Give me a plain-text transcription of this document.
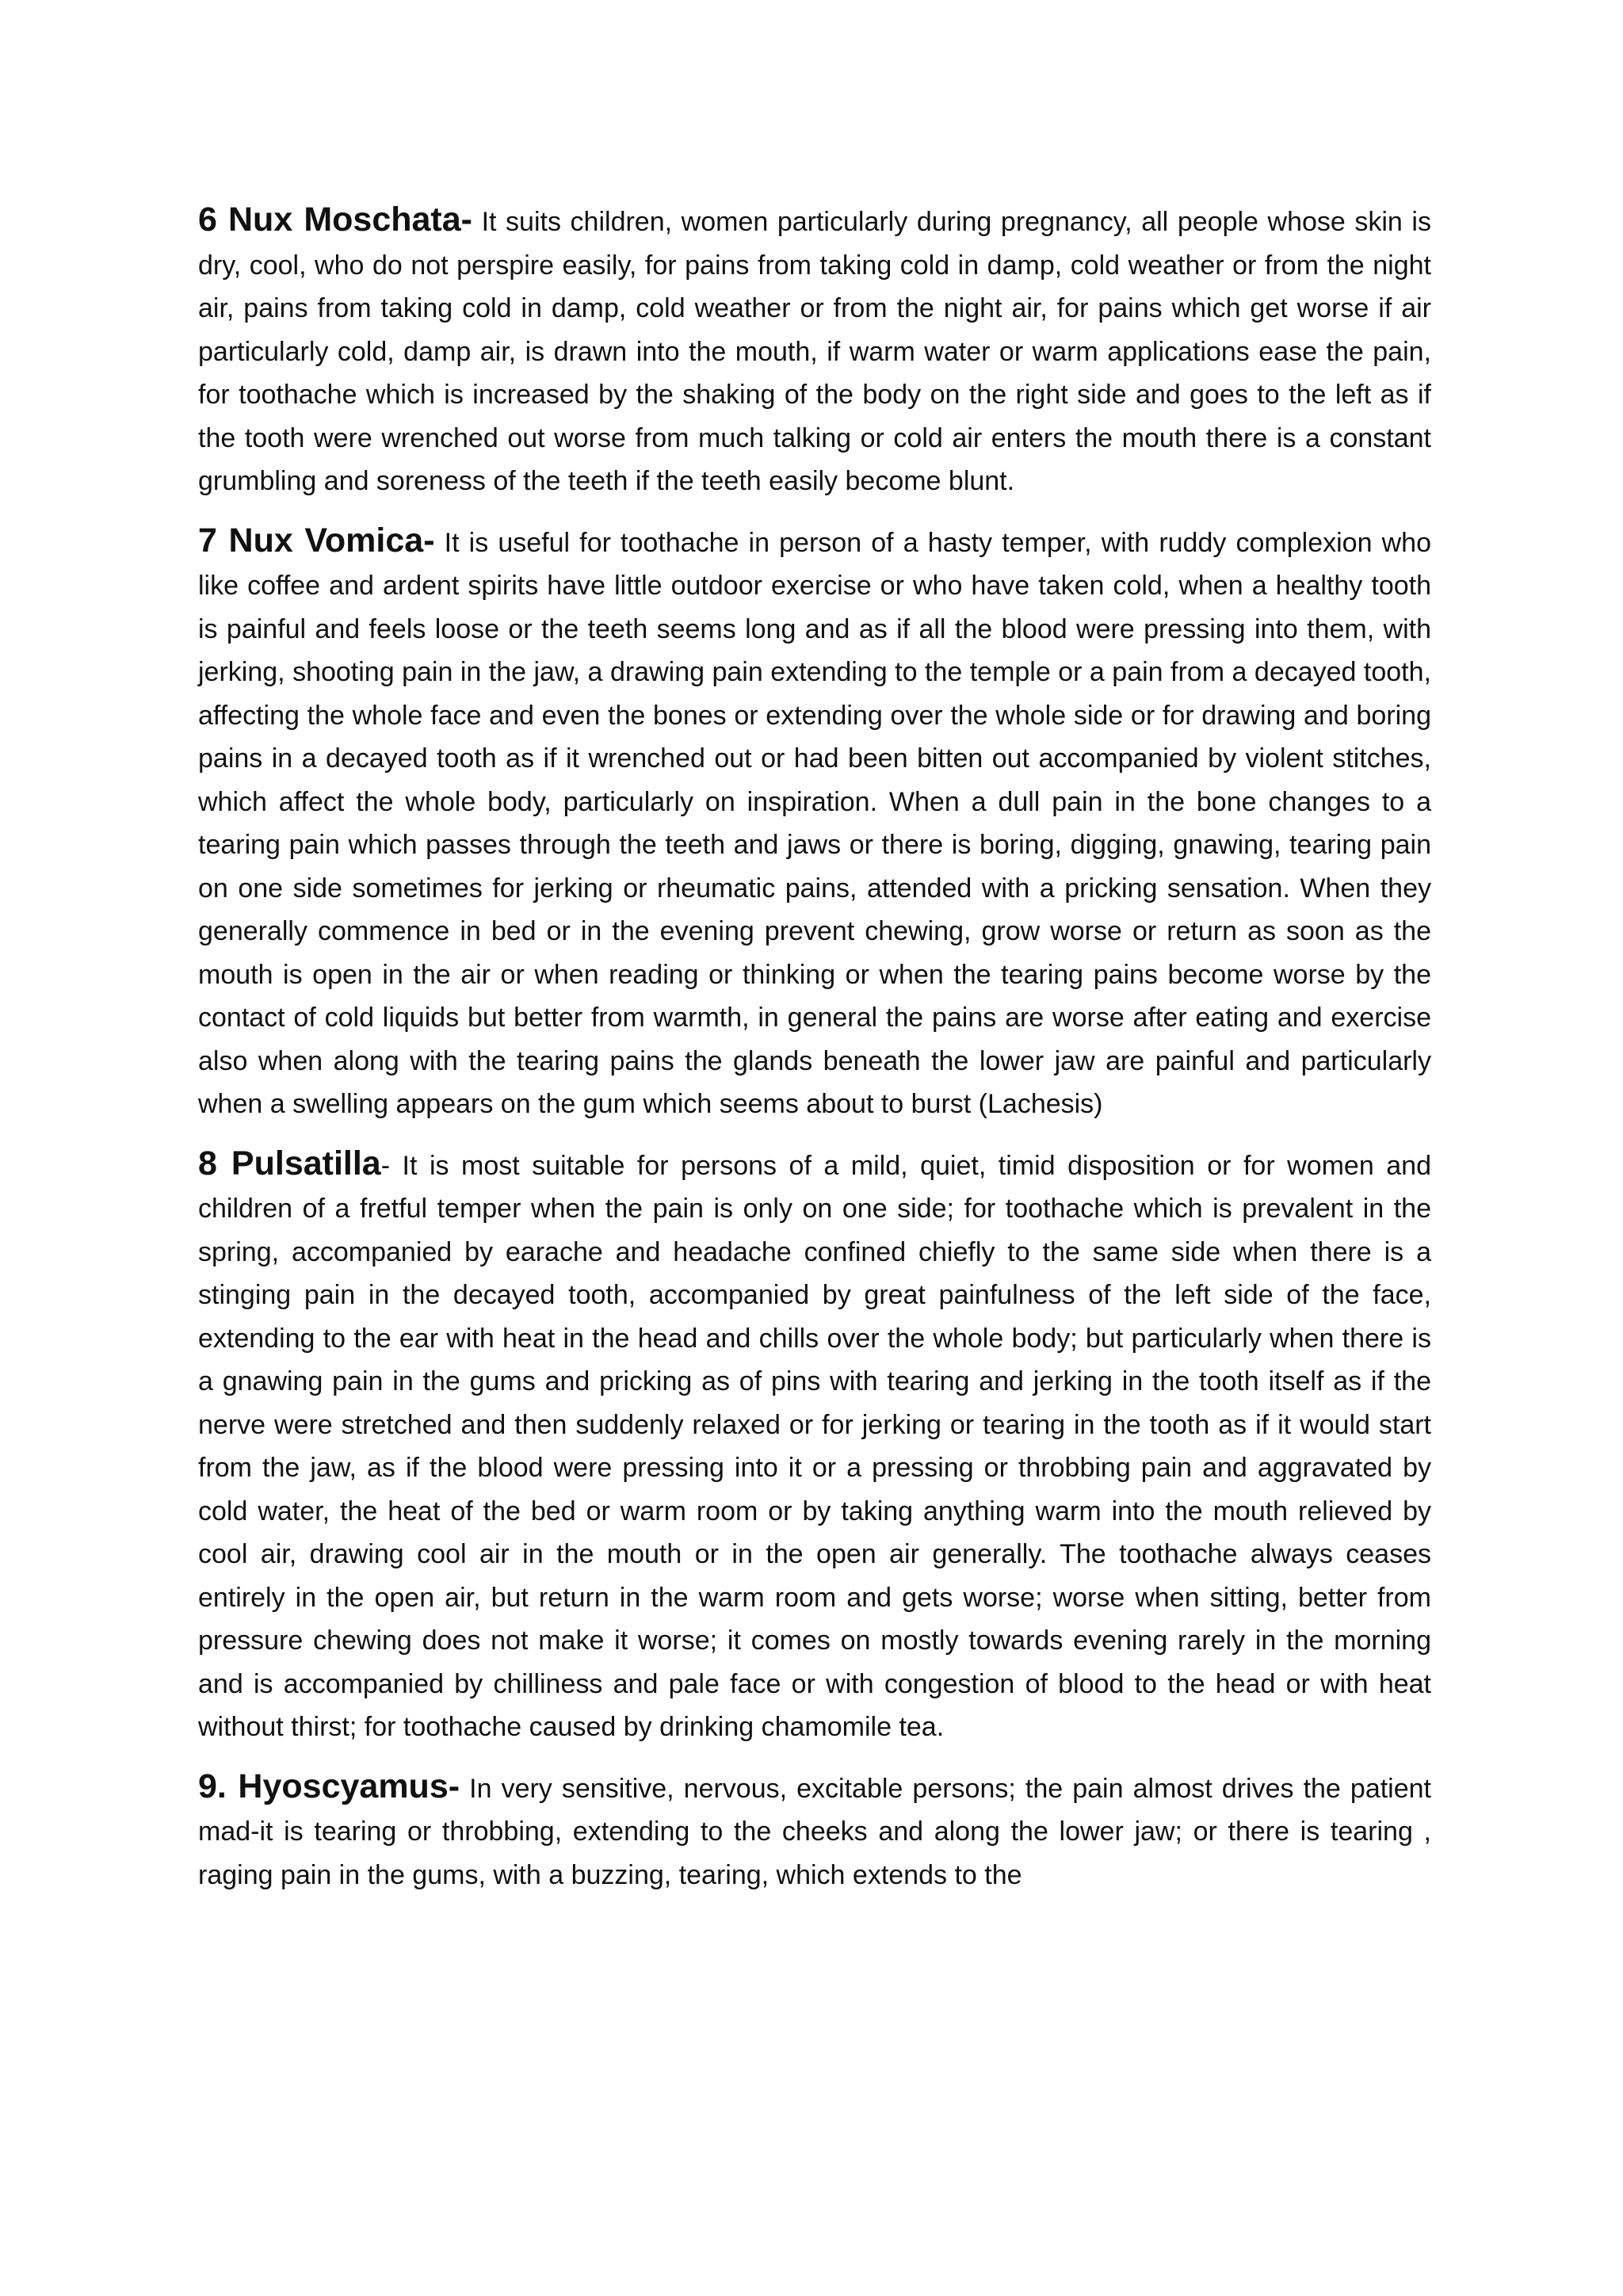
6 Nux Moschata- It suits children, women particularly during pregnancy, all people whose skin is dry, cool, who do not perspire easily, for pains from taking cold in damp, cold weather or from the night air, pains from taking cold in damp, cold weather or from the night air, for pains which get worse if air particularly cold, damp air, is drawn into the mouth, if warm water or warm applications ease the pain, for toothache which is increased by the shaking of the body on the right side and goes to the left as if the tooth were wrenched out worse from much talking or cold air enters the mouth there is a constant grumbling and soreness of the teeth if the teeth easily become blunt.

7 Nux Vomica- It is useful for toothache in person of a hasty temper, with ruddy complexion who like coffee and ardent spirits have little outdoor exercise or who have taken cold, when a healthy tooth is painful and feels loose or the teeth seems long and as if all the blood were pressing into them, with jerking, shooting pain in the jaw, a drawing pain extending to the temple or a pain from a decayed tooth, affecting the whole face and even the bones or extending over the whole side or for drawing and boring pains in a decayed tooth as if it wrenched out or had been bitten out accompanied by violent stitches, which affect the whole body, particularly on inspiration. When a dull pain in the bone changes to a tearing pain which passes through the teeth and jaws or there is boring, digging, gnawing, tearing pain on one side sometimes for jerking or rheumatic pains, attended with a pricking sensation. When they generally commence in bed or in the evening prevent chewing, grow worse or return as soon as the mouth is open in the air or when reading or thinking or when the tearing pains become worse by the contact of cold liquids but better from warmth, in general the pains are worse after eating and exercise also when along with the tearing pains the glands beneath the lower jaw are painful and particularly when a swelling appears on the gum which seems about to burst (Lachesis)

8 Pulsatilla- It is most suitable for persons of a mild, quiet, timid disposition or for women and children of a fretful temper when the pain is only on one side; for toothache which is prevalent in the spring, accompanied by earache and headache confined chiefly to the same side when there is a stinging pain in the decayed tooth, accompanied by great painfulness of the left side of the face, extending to the ear with heat in the head and chills over the whole body; but particularly when there is a gnawing pain in the gums and pricking as of pins with tearing and jerking in the tooth itself as if the nerve were stretched and then suddenly relaxed or for jerking or tearing in the tooth as if it would start from the jaw, as if the blood were pressing into it or a pressing or throbbing pain and aggravated by cold water, the heat of the bed or warm room or by taking anything warm into the mouth relieved by cool air, drawing cool air in the mouth or in the open air generally. The toothache always ceases entirely in the open air, but return in the warm room and gets worse; worse when sitting, better from pressure chewing does not make it worse; it comes on mostly towards evening rarely in the morning and is accompanied by chilliness and pale face or with congestion of blood to the head or with heat without thirst; for toothache caused by drinking chamomile tea.

9. Hyoscyamus- In very sensitive, nervous, excitable persons; the pain almost drives the patient mad-it is tearing or throbbing, extending to the cheeks and along the lower jaw; or there is tearing , raging pain in the gums, with a buzzing, tearing, which extends to the
